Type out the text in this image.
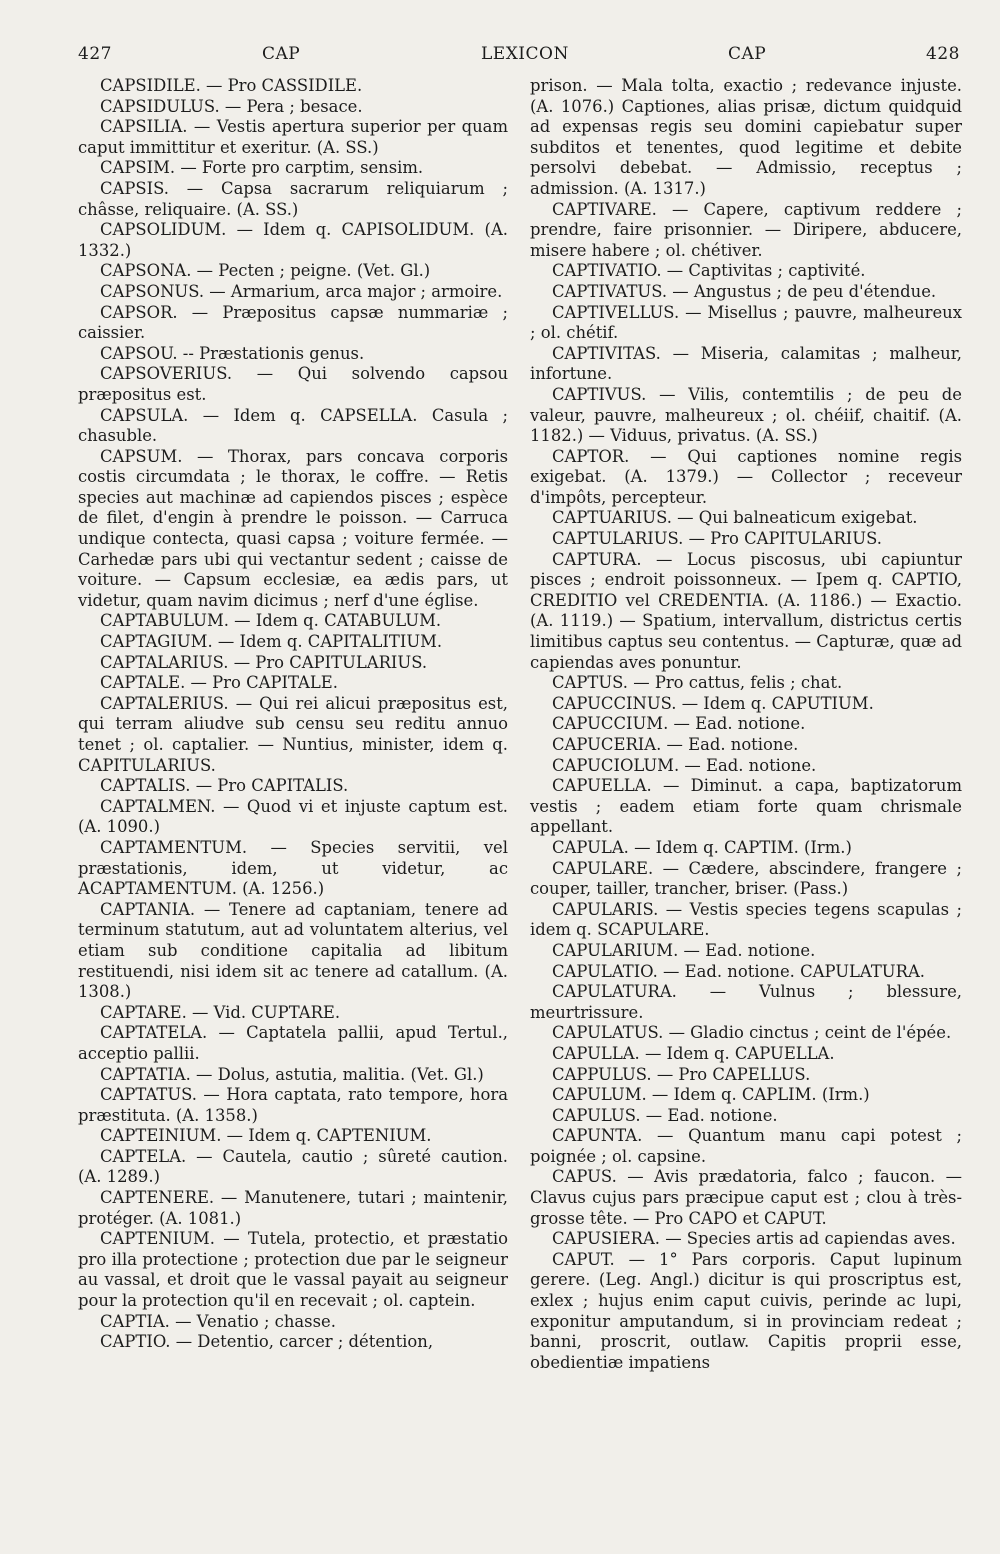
427	CAP	LEXICON	CAP	428

CAPSIDILE. — Pro CASSIDILE.

CAPSIDULUS. — Pera ; besace.

CAPSILIA. — Vestis apertura superior per quam caput immittitur et exeritur. (A. SS.)

CAPSIM. — Forte pro carptim, sensim.

CAPSIS. — Capsa sacrarum reliquiarum ; châsse, reliquaire. (A. SS.)

CAPSOLIDUM. — Idem q. CAPISOLIDUM. (A. 1332.)

CAPSONA. — Pecten ; peigne. (Vet. Gl.)

CAPSONUS. — Armarium, arca major ; armoire.

CAPSOR. — Præpositus capsæ nummariæ ; caissier.

CAPSOU. -- Præstationis genus.

CAPSOVERIUS. — Qui solvendo capsou præpositus est.

CAPSULA. — Idem q. CAPSELLA. Casula ; chasuble.

CAPSUM. — Thorax, pars concava corporis costis circumdata ; le thorax, le coffre. — Retis species aut machinæ ad capiendos pisces ; espèce de filet, d'engin à prendre le poisson. — Carruca undique contecta, quasi capsa ; voiture fermée. — Carhedæ pars ubi qui vectantur sedent ; caisse de voiture. — Capsum ecclesiæ, ea ædis pars, ut videtur, quam navim dicimus ; nerf d'une église.

CAPTABULUM. — Idem q. CATABULUM.

CAPTAGIUM. — Idem q. CAPITALITIUM.

CAPTALARIUS. — Pro CAPITULARIUS.

CAPTALE. — Pro CAPITALE.

CAPTALERIUS. — Qui rei alicui præpositus est, qui terram aliudve sub censu seu reditu annuo tenet ; ol. captalier. — Nuntius, minister, idem q. CAPITULARIUS.

CAPTALIS. — Pro CAPITALIS.

CAPTALMEN. — Quod vi et injuste captum est. (A. 1090.)

CAPTAMENTUM. — Species servitii, vel præstationis, idem, ut videtur, ac ACAPTAMENTUM. (A. 1256.)

CAPTANIA. — Tenere ad captaniam, tenere ad terminum statutum, aut ad voluntatem alterius, vel etiam sub conditione capitalia ad libitum restituendi, nisi idem sit ac tenere ad catallum. (A. 1308.)

CAPTARE. — Vid. CUPTARE.

CAPTATELA. — Captatela pallii, apud Tertul., acceptio pallii.

CAPTATIA. — Dolus, astutia, malitia. (Vet. Gl.)

CAPTATUS. — Hora captata, rato tempore, hora præstituta. (A. 1358.)

CAPTEINIUM. — Idem q. CAPTENIUM.

CAPTELA. — Cautela, cautio ; sûreté caution. (A. 1289.)

CAPTENERE. — Manutenere, tutari ; maintenir, protéger. (A. 1081.)

CAPTENIUM. — Tutela, protectio, et præstatio pro illa protectione ; protection due par le seigneur au vassal, et droit que le vassal payait au seigneur pour la protection qu'il en recevait ; ol. captein.

CAPTIA. — Venatio ; chasse.

CAPTIO. — Detentio, carcer ; détention,

prison. — Mala tolta, exactio ; redevance injuste. (A. 1076.) Captiones, alias prisæ, dictum quidquid ad expensas regis seu domini capiebatur super subditos et tenentes, quod legitime et debite persolvi debebat. — Admissio, receptus ; admission. (A. 1317.)

CAPTIVARE. — Capere, captivum reddere ; prendre, faire prisonnier. — Diripere, abducere, misere habere ; ol. chétiver.

CAPTIVATIO. — Captivitas ; captivité.

CAPTIVATUS. — Angustus ; de peu d'étendue.

CAPTIVELLUS. — Misellus ; pauvre, malheureux ; ol. chétif.

CAPTIVITAS. — Miseria, calamitas ; malheur, infortune.

CAPTIVUS. — Vilis, contemtilis ; de peu de valeur, pauvre, malheureux ; ol. chéiif, chaitif. (A. 1182.) — Viduus, privatus. (A. SS.)

CAPTOR. — Qui captiones nomine regis exigebat. (A. 1379.) — Collector ; receveur d'impôts, percepteur.

CAPTUARIUS. — Qui balneaticum exigebat.

CAPTULARIUS. — Pro CAPITULARIUS.

CAPTURA. — Locus piscosus, ubi capiuntur pisces ; endroit poissonneux. — Ipem q. CAPTIO, CREDITIO vel CREDENTIA. (A. 1186.) — Exactio. (A. 1119.) — Spatium, intervallum, districtus certis limitibus captus seu contentus. — Capturæ, quæ ad capiendas aves ponuntur.

CAPTUS. — Pro cattus, felis ; chat.

CAPUCCINUS. — Idem q. CAPUTIUM.

CAPUCCIUM. — Ead. notione.

CAPUCERIA. — Ead. notione.

CAPUCIOLUM. — Ead. notione.

CAPUELLA. — Diminut. a capa, baptizatorum vestis ; eadem etiam forte quam chrismale appellant.

CAPULA. — Idem q. CAPTIM. (Irm.)

CAPULARE. — Cædere, abscindere, frangere ; couper, tailler, trancher, briser. (Pass.)

CAPULARIS. — Vestis species tegens scapulas ; idem q. SCAPULARE.

CAPULARIUM. — Ead. notione.

CAPULATIO. — Ead. notione. CAPULATURA.

CAPULATURA. — Vulnus ; blessure, meurtrissure.

CAPULATUS. — Gladio cinctus ; ceint de l'épée.

CAPULLA. — Idem q. CAPUELLA.

CAPPULUS. — Pro CAPELLUS.

CAPULUM. — Idem q. CAPLIM. (Irm.)

CAPULUS. — Ead. notione.

CAPUNTA. — Quantum manu capi potest ; poignée ; ol. capsine.

CAPUS. — Avis prædatoria, falco ; faucon. — Clavus cujus pars præcipue caput est ; clou à très-grosse tête. — Pro CAPO et CAPUT.

CAPUSIERA. — Species artis ad capiendas aves.

CAPUT. — 1° Pars corporis. Caput lupinum gerere. (Leg. Angl.) dicitur is qui proscriptus est, exlex ; hujus enim caput cuivis, perinde ac lupi, exponitur amputandum, si in provinciam redeat ; banni, proscrit, outlaw. Capitis proprii esse, obedientiæ impatiens
